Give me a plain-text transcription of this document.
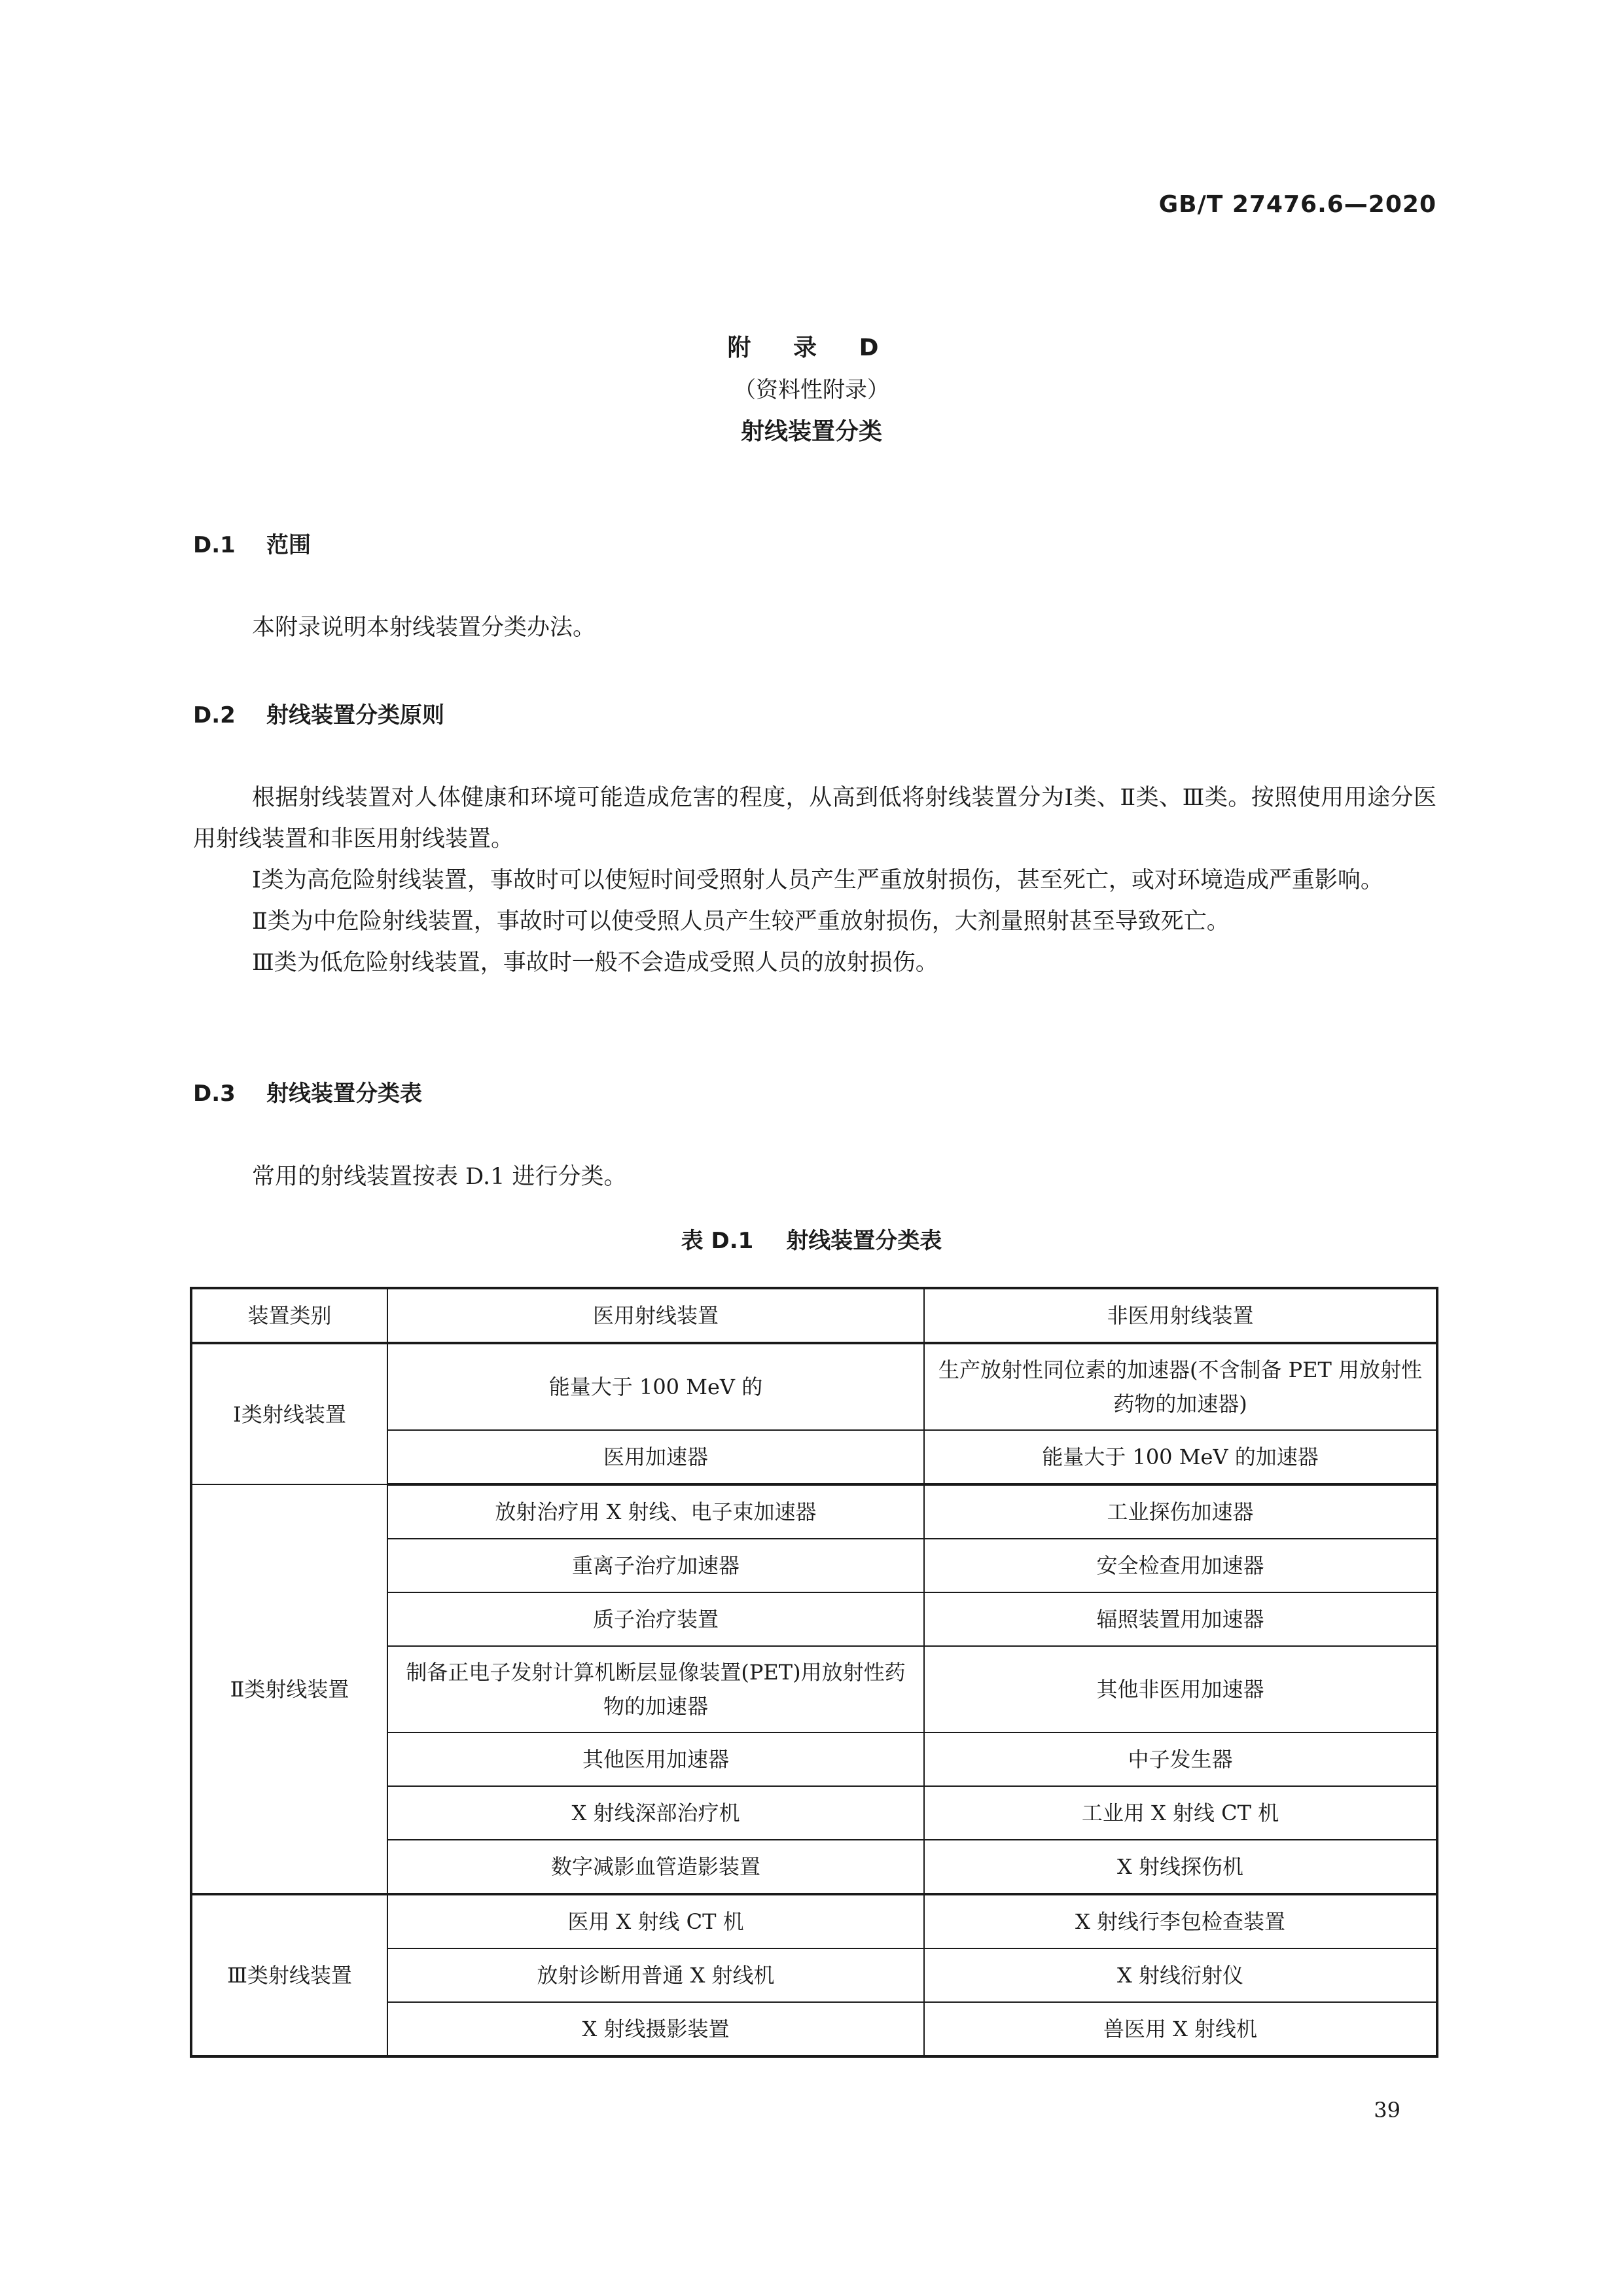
GB/T 27476.6—2020
附 录 D
（资料性附录）
射线装置分类
D.1 范围

本附录说明本射线装置分类办法。

D.2 射线装置分类原则

根据射线装置对人体健康和环境可能造成危害的程度，从高到低将射线装置分为Ⅰ类、Ⅱ类、Ⅲ类。按照使用用途分医用射线装置和非医用射线装置。

Ⅰ类为高危险射线装置，事故时可以使短时间受照射人员产生严重放射损伤，甚至死亡，或对环境造成严重影响。

Ⅱ类为中危险射线装置，事故时可以使受照人员产生较严重放射损伤，大剂量照射甚至导致死亡。

Ⅲ类为低危险射线装置，事故时一般不会造成受照人员的放射损伤。

D.3 射线装置分类表

常用的射线装置按表 D.1 进行分类。

表 D.1 射线装置分类表
装置类别	医用射线装置	非医用射线装置
Ⅰ类射线装置	能量大于 100 MeV 的	生产放射性同位素的加速器(不含制备 PET 用放射性药物的加速器)
	医用加速器	能量大于 100 MeV 的加速器
Ⅱ类射线装置	放射治疗用 X 射线、电子束加速器	工业探伤加速器
	重离子治疗加速器	安全检查用加速器
	质子治疗装置	辐照装置用加速器
	制备正电子发射计算机断层显像装置(PET)用放射性药物的加速器	其他非医用加速器
	其他医用加速器	中子发生器
	X 射线深部治疗机	工业用 X 射线 CT 机
	数字减影血管造影装置	X 射线探伤机
Ⅲ类射线装置	医用 X 射线 CT 机	X 射线行李包检查装置
	放射诊断用普通 X 射线机	X 射线衍射仪
	X 射线摄影装置	兽医用 X 射线机
39
